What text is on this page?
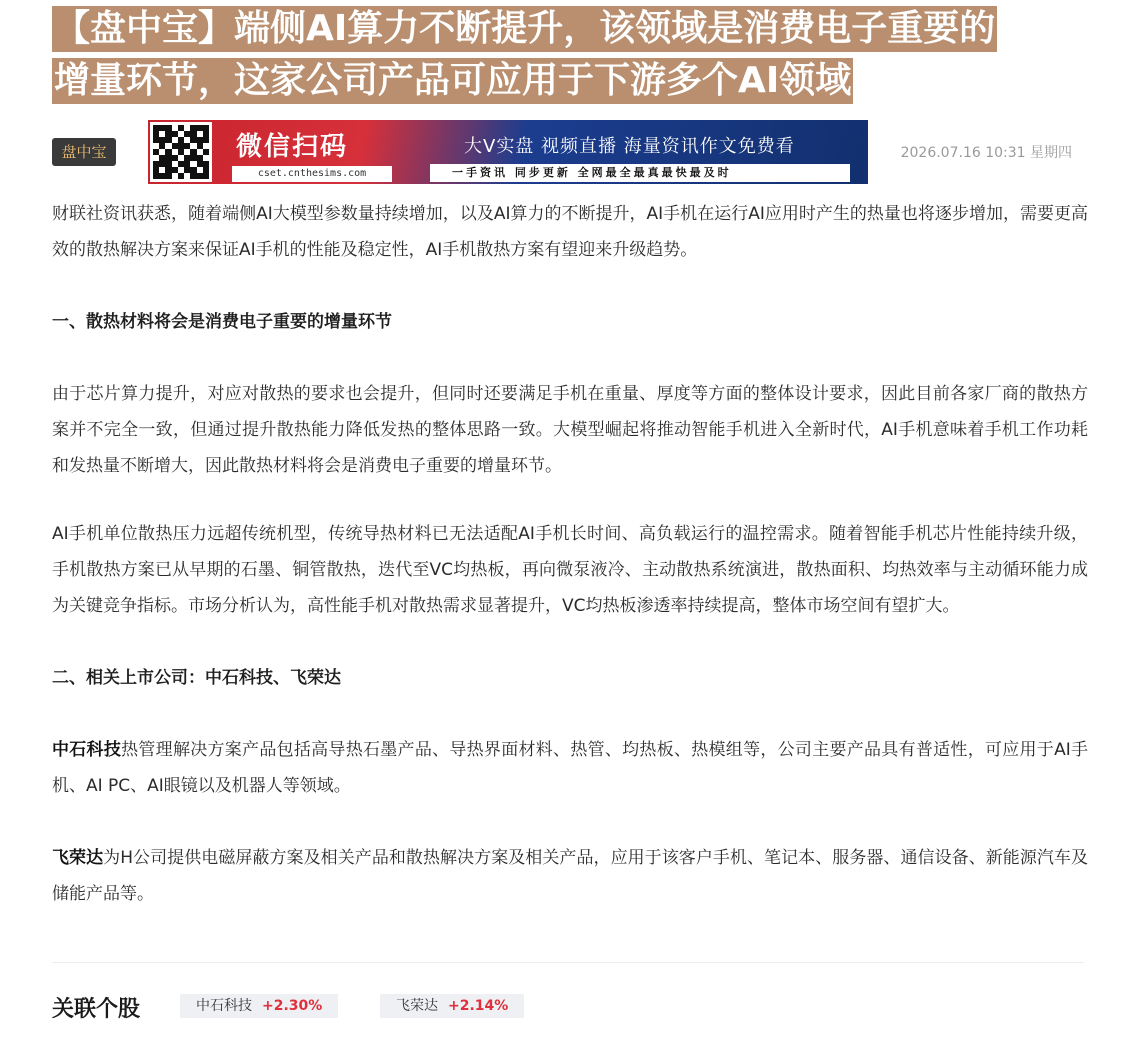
【盘中宝】端侧AI算力不断提升，该领域是消费电子重要的
增量环节，这家公司产品可应用于下游多个AI领域
盘中宝	微信扫码
cset.cnthesims.com
大V实盘 视频直播 海量资讯作文免费看
一手资讯 同步更新 全网最全最真最快最及时
2026.07.16 10:31 星期四

财联社资讯获悉，随着端侧AI大模型参数量持续增加，以及AI算力的不断提升，AI手机在运行AI应用时产生的热量也将逐步增加，需要更高效的散热解决方案来保证AI手机的性能及稳定性，AI手机散热方案有望迎来升级趋势。

一、散热材料将会是消费电子重要的增量环节

由于芯片算力提升，对应对散热的要求也会提升，但同时还要满足手机在重量、厚度等方面的整体设计要求，因此目前各家厂商的散热方案并不完全一致，但通过提升散热能力降低发热的整体思路一致。大模型崛起将推动智能手机进入全新时代，AI手机意味着手机工作功耗和发热量不断增大，因此散热材料将会是消费电子重要的增量环节。

AI手机单位散热压力远超传统机型，传统导热材料已无法适配AI手机长时间、高负载运行的温控需求。随着智能手机芯片性能持续升级，手机散热方案已从早期的石墨、铜管散热，迭代至VC均热板，再向微泵液冷、主动散热系统演进，散热面积、均热效率与主动循环能力成为关键竞争指标。市场分析认为，高性能手机对散热需求显著提升，VC均热板渗透率持续提高，整体市场空间有望扩大。

二、相关上市公司：中石科技、飞荣达

中石科技热管理解决方案产品包括高导热石墨产品、导热界面材料、热管、均热板、热模组等，公司主要产品具有普适性，可应用于AI手机、AI PC、AI眼镜以及机器人等领域。

飞荣达为H公司提供电磁屏蔽方案及相关产品和散热解决方案及相关产品，应用于该客户手机、笔记本、服务器、通信设备、新能源汽车及储能产品等。

关联个股	中石科技 +2.30%	飞荣达 +2.14%
